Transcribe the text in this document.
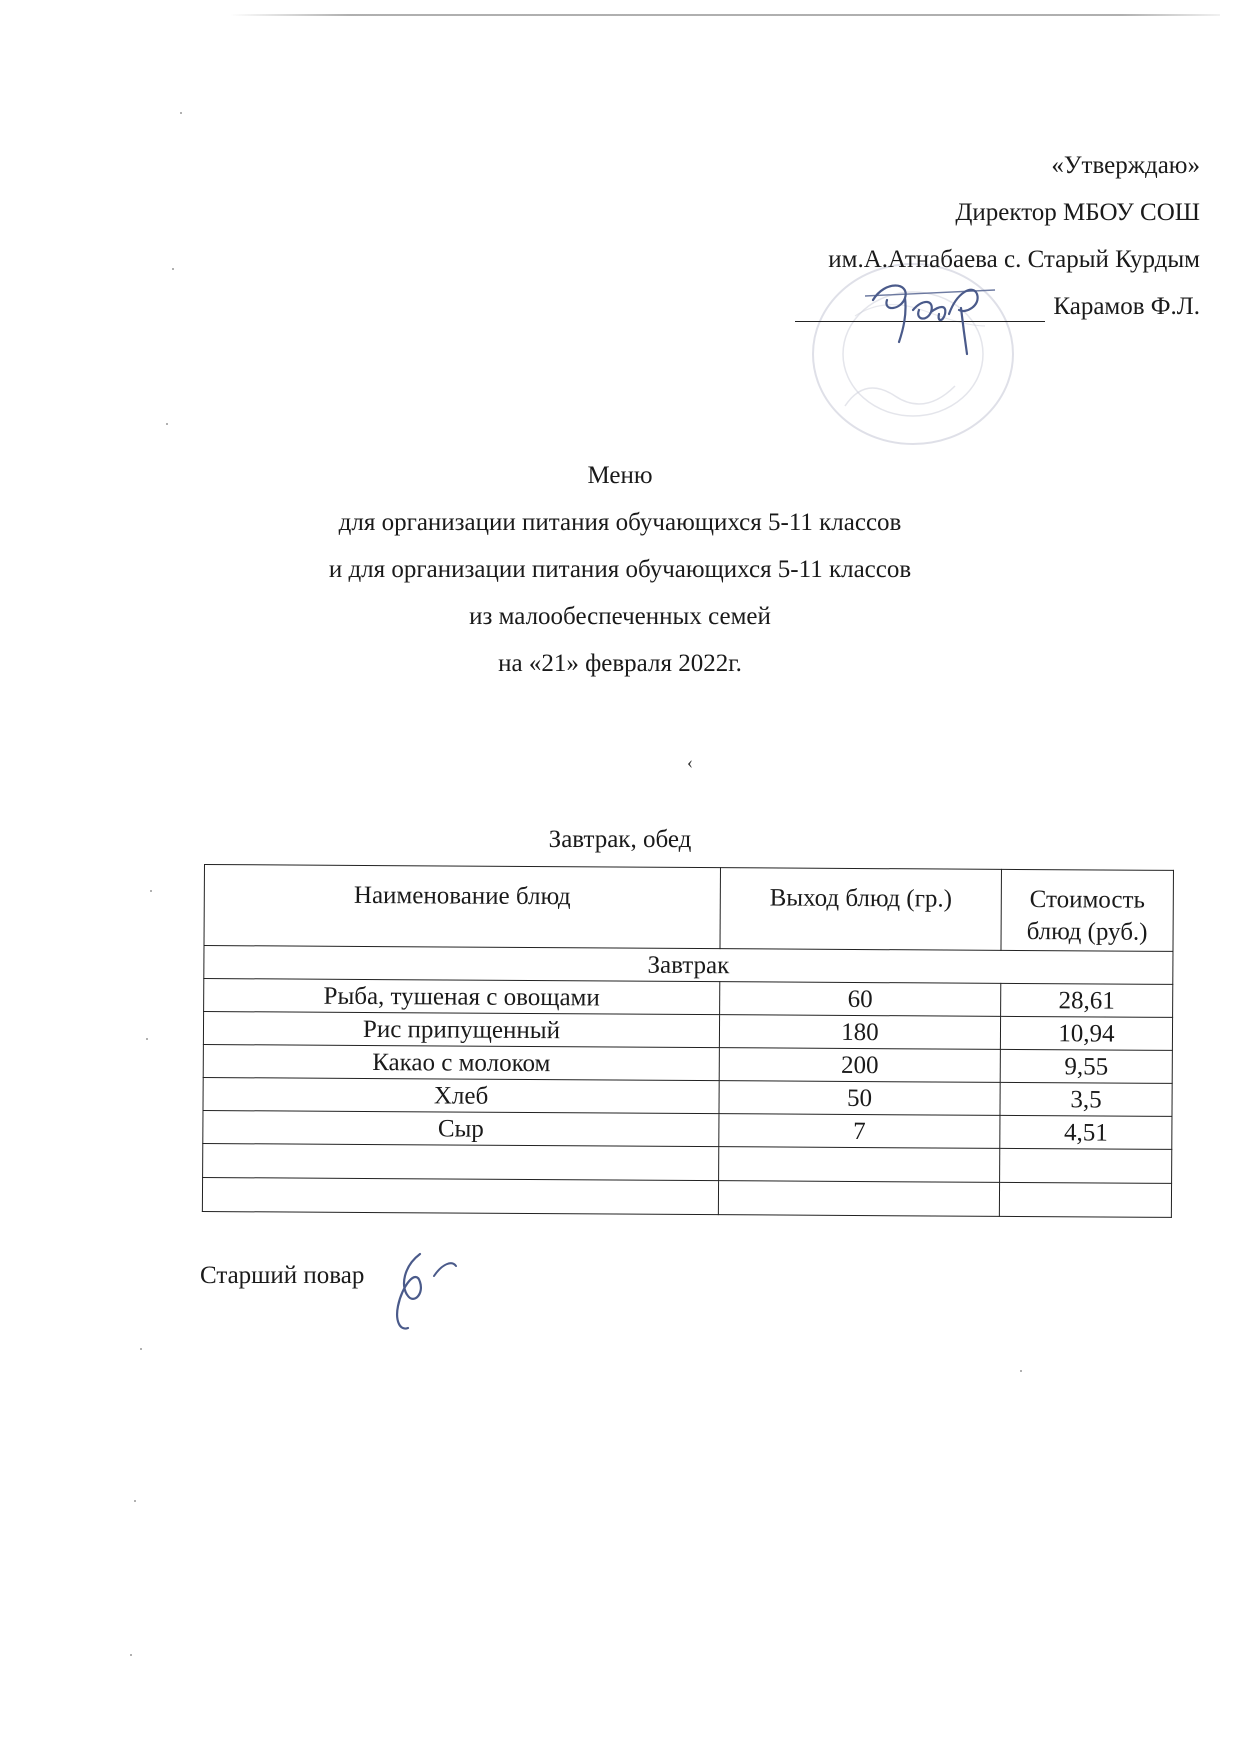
«Утверждаю»
Директор МБОУ СОШ
им.А.Атнабаева с. Старый Курдым
Карамов Ф.Л.
Меню
для организации питания обучающихся 5-11 классов
и для организации питания обучающихся 5-11 классов
из малообеспеченных семей
на «21» февраля 2022г.
‹
Завтрак, обед
Наименование блюд	Выход блюд (гр.)	Стоимость блюд (руб.)
Завтрак		
Рыба, тушеная с овощами	60	28,61
Рис припущенный	180	10,94
Какао с молоком	200	9,55
Хлеб	50	3,5
Сыр	7	4,51

Старший повар
